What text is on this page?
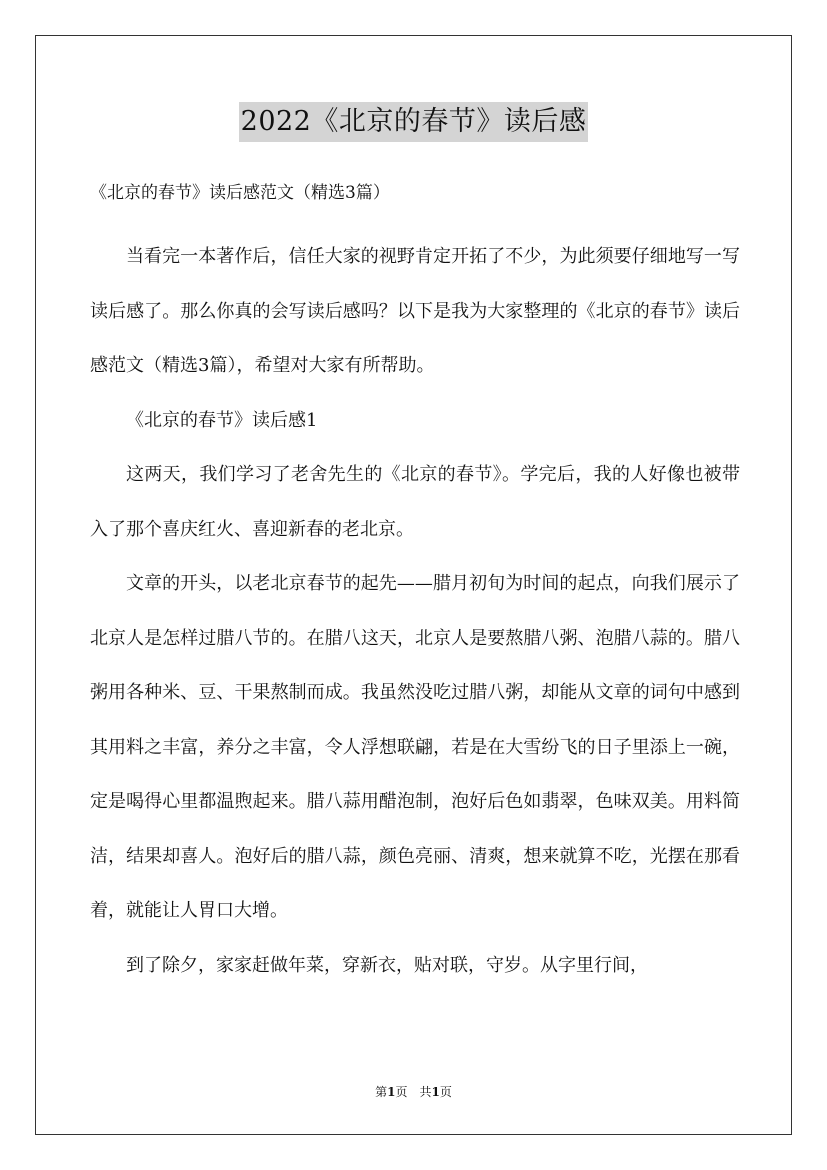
2022《北京的春节》读后感

《北京的春节》读后感范文（精选3篇）

当看完一本著作后，信任大家的视野肯定开拓了不少，为此须要仔细地写一写读后感了。那么你真的会写读后感吗？以下是我为大家整理的《北京的春节》读后感范文（精选3篇），希望对大家有所帮助。

《北京的春节》读后感1

这两天，我们学习了老舍先生的《北京的春节》。学完后，我的人好像也被带入了那个喜庆红火、喜迎新春的老北京。

文章的开头，以老北京春节的起先——腊月初旬为时间的起点，向我们展示了北京人是怎样过腊八节的。在腊八这天，北京人是要熬腊八粥、泡腊八蒜的。腊八粥用各种米、豆、干果熬制而成。我虽然没吃过腊八粥，却能从文章的词句中感到其用料之丰富，养分之丰富，令人浮想联翩，若是在大雪纷飞的日子里添上一碗，定是喝得心里都温煦起来。腊八蒜用醋泡制，泡好后色如翡翠，色味双美。用料简洁，结果却喜人。泡好后的腊八蒜，颜色亮丽、清爽，想来就算不吃，光摆在那看着，就能让人胃口大增。

到了除夕，家家赶做年菜，穿新衣，贴对联，守岁。从字里行间，

第1页　共1页
